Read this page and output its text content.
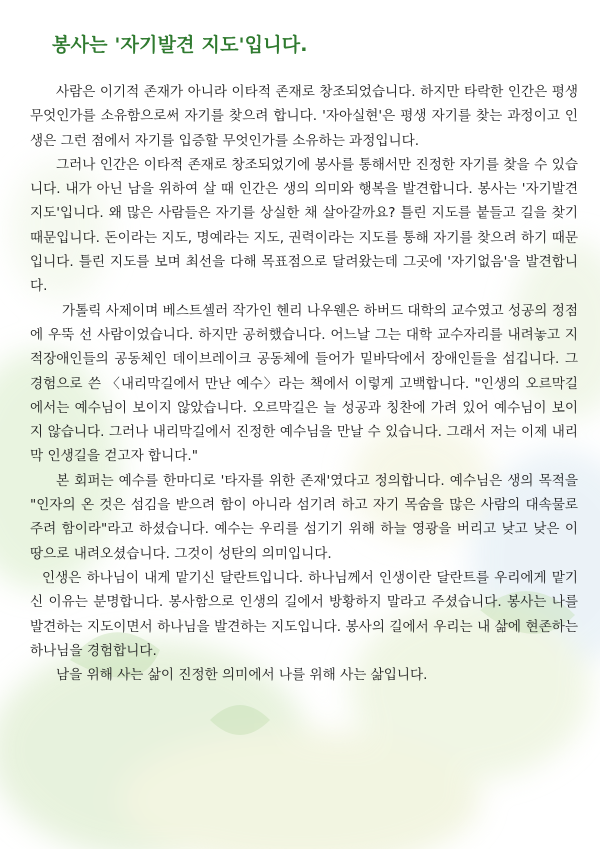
봉사는 '자기발견 지도'입니다.

사람은 이기적 존재가 아니라 이타적 존재로 창조되었습니다. 하지만 타락한 인간은 평생 무엇인가를 소유함으로써 자기를 찾으려 합니다. '자아실현'은 평생 자기를 찾는 과정이고 인생은 그런 점에서 자기를 입증할 무엇인가를 소유하는 과정입니다.

그러나 인간은 이타적 존재로 창조되었기에 봉사를 통해서만 진정한 자기를 찾을 수 있습니다. 내가 아닌 남을 위하여 살 때 인간은 생의 의미와 행복을 발견합니다. 봉사는 '자기발견 지도'입니다. 왜 많은 사람들은 자기를 상실한 채 살아갈까요? 틀린 지도를 붙들고 길을 찾기 때문입니다. 돈이라는 지도, 명예라는 지도, 권력이라는 지도를 통해 자기를 찾으려 하기 때문입니다. 틀린 지도를 보며 최선을 다해 목표점으로 달려왔는데 그곳에 '자기없음'을 발견합니다.

가톨릭 사제이며 베스트셀러 작가인 헨리 나우웬은 하버드 대학의 교수였고 성공의 정점에 우뚝 선 사람이었습니다. 하지만 공허했습니다. 어느날 그는 대학 교수자리를 내려놓고 지적장애인들의 공동체인 데이브레이크 공동체에 들어가 밑바닥에서 장애인들을 섬깁니다. 그 경험으로 쓴 〈내리막길에서 만난 예수〉라는 책에서 이렇게 고백합니다. "인생의 오르막길에서는 예수님이 보이지 않았습니다. 오르막길은 늘 성공과 칭찬에 가려 있어 예수님이 보이지 않습니다. 그러나 내리막길에서 진정한 예수님을 만날 수 있습니다. 그래서 저는 이제 내리막 인생길을 걷고자 합니다."

본 회퍼는 예수를 한마디로 '타자를 위한 존재'였다고 정의합니다. 예수님은 생의 목적을 "인자의 온 것은 섬김을 받으려 함이 아니라 섬기려 하고 자기 목숨을 많은 사람의 대속물로 주려 함이라"라고 하셨습니다. 예수는 우리를 섬기기 위해 하늘 영광을 버리고 낮고 낮은 이땅으로 내려오셨습니다. 그것이 성탄의 의미입니다.

인생은 하나님이 내게 맡기신 달란트입니다. 하나님께서 인생이란 달란트를 우리에게 맡기신 이유는 분명합니다. 봉사함으로 인생의 길에서 방황하지 말라고 주셨습니다. 봉사는 나를 발견하는 지도이면서 하나님을 발견하는 지도입니다. 봉사의 길에서 우리는 내 삶에 현존하는 하나님을 경험합니다.

남을 위해 사는 삶이 진정한 의미에서 나를 위해 사는 삶입니다.
